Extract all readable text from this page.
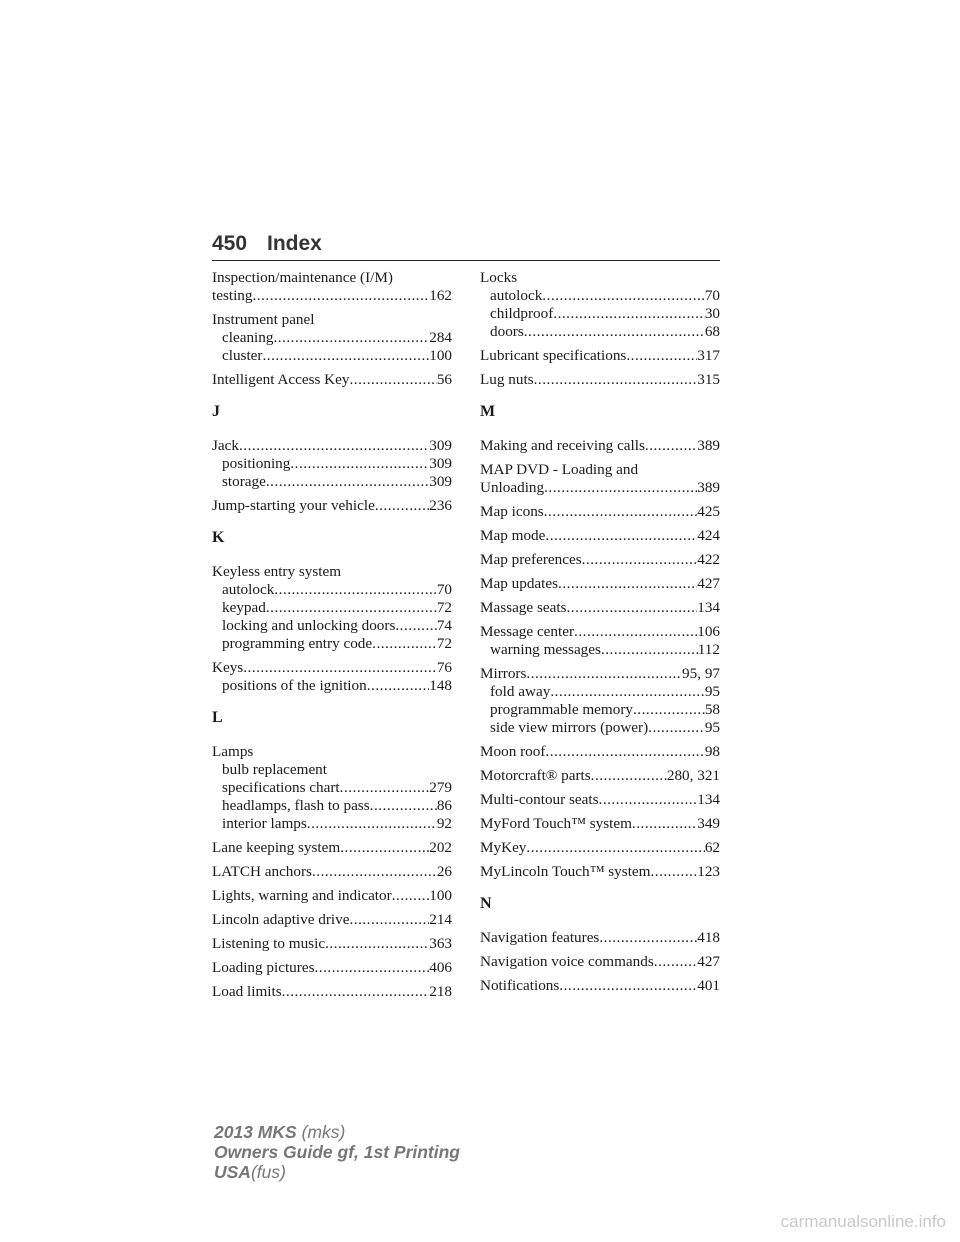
450 Index
Inspection/maintenance (I/M)
testing .....	162
Instrument panel
cleaning .....	284
cluster .....	100
Intelligent Access Key .....	56
J
Jack .....	309
positioning .....	309
storage .....	309
Jump-starting your vehicle .....	236
K
Keyless entry system
autolock .....	70
keypad .....	72
locking and unlocking doors .....	74
programming entry code .....	72
Keys .....	76
positions of the ignition .....	148
L
Lamps
bulb replacement
specifications chart .....	279
headlamps, flash to pass .....	86
interior lamps .....	92
Lane keeping system .....	202
LATCH anchors .....	26
Lights, warning and indicator ..... 100
Lincoln adaptive drive .....	214
Listening to music .....	363
Loading pictures .....	406
Load limits .....	218
Locks
autolock .....	70
childproof .....	30
doors .....	68
Lubricant specifications .....	317
Lug nuts .....	315
M
Making and receiving calls .....	389
MAP DVD - Loading and
Unloading .....	389
Map icons .....	425
Map mode .....	424
Map preferences .....	422
Map updates .....	427
Massage seats .....	134
Message center .....	106
warning messages .....	112
Mirrors .....	95, 97
fold away .....	95
programmable memory .....	58
side view mirrors (power) .....	95
Moon roof .....	98
Motorcraft® parts .....	280, 321
Multi-contour seats .....	134
MyFord Touch™ system .....	349
MyKey .....	62
MyLincoln Touch™ system .....	123
N
Navigation features .....	418
Navigation voice commands .....	427
Notifications .....	401
2013 MKS (mks)
Owners Guide gf, 1st Printing
USA(fus)
carmanualsonline.info
